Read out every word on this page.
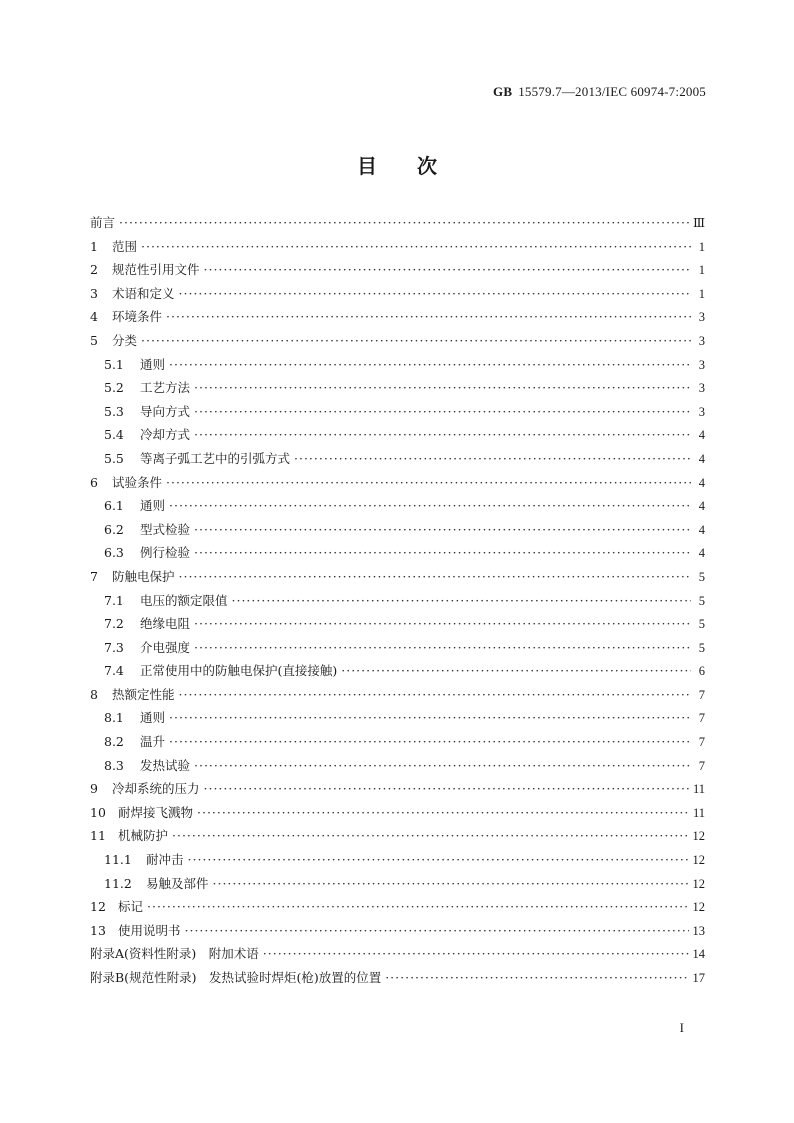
GB 15579.7—2013/IEC 60974-7:2005
目次
前言 ·····	Ⅲ
1	范围 ·····	1
2	规范性引用文件 ·····	1
3	术语和定义 ·····	1
4	环境条件 ·····	3
5	分类 ·····	3
5.1	通则 ·····	3
5.2	工艺方法 ·····	3
5.3	导向方式 ·····	3
5.4	冷却方式 ·····	4
5.5	等离子弧工艺中的引弧方式 ·····	4
6	试验条件 ·····	4
6.1	通则 ·····	4
6.2	型式检验 ·····	4
6.3	例行检验 ·····	4
7	防触电保护 ·····	5
7.1	电压的额定限值 ·····	5
7.2	绝缘电阻 ·····	5
7.3	介电强度 ·····	5
7.4	正常使用中的防触电保护(直接接触) ·····	6
8	热额定性能 ·····	7
8.1	通则 ·····	7
8.2	温升 ·····	7
8.3	发热试验 ·····	7
9	冷却系统的压力 ·····	11
10 耐焊接飞溅物 ·····	11
11 机械防护 ·····	12
11.1	耐冲击 ·····	12
11.2	易触及部件 ·····	12
12 标记 ·····	12
13 使用说明书 ·····	13
附录A(资料性附录)　附加术语 ·····	14
附录B(规范性附录)　发热试验时焊炬(枪)放置的位置 ·····	17
I
